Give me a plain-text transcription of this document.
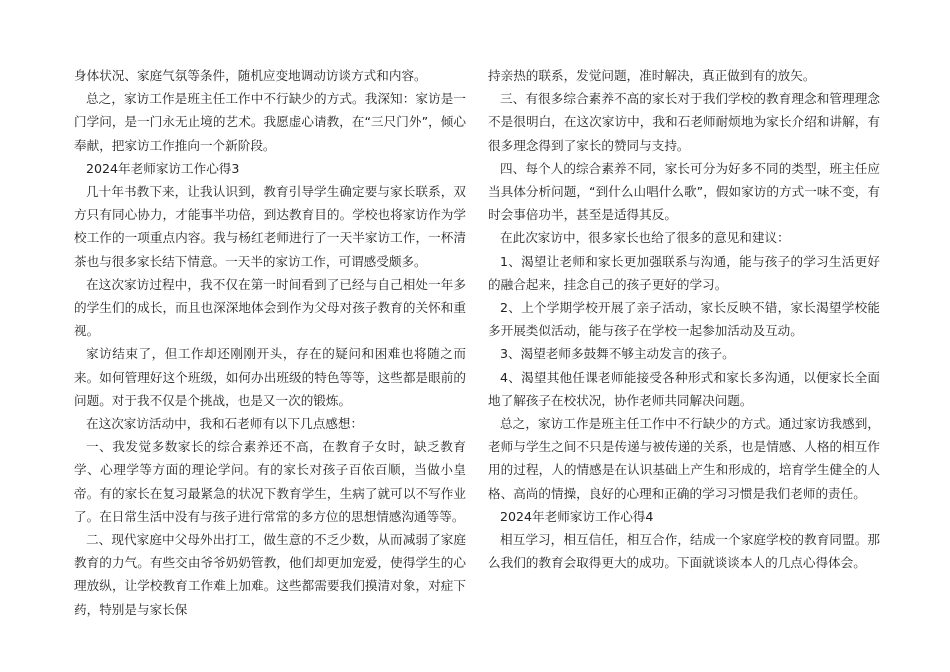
身体状况、家庭气氛等条件，随机应变地调动访谈方式和内容。

总之，家访工作是班主任工作中不行缺少的方式。我深知：家访是一门学问，是一门永无止境的艺术。我愿虚心请教，在“三尺门外”，倾心奉献，把家访工作推向一个新阶段。

2024年老师家访工作心得3

几十年书教下来，让我认识到，教育引导学生确定要与家长联系，双方只有同心协力，才能事半功倍，到达教育目的。学校也将家访作为学校工作的一项重点内容。我与杨红老师进行了一天半家访工作，一杯清茶也与很多家长结下情意。一天半的家访工作，可谓感受颇多。

在这次家访过程中，我不仅在第一时间看到了已经与自己相处一年多的学生们的成长，而且也深深地体会到作为父母对孩子教育的关怀和重视。

家访结束了，但工作却还刚刚开头，存在的疑问和困难也将随之而来。如何管理好这个班级，如何办出班级的特色等等，这些都是眼前的问题。对于我不仅是个挑战，也是又一次的锻炼。

在这次家访活动中，我和石老师有以下几点感想：

一、我发觉多数家长的综合素养还不高，在教育子女时，缺乏教育学、心理学等方面的理论学问。有的家长对孩子百依百顺，当做小皇帝。有的家长在复习最紧急的状况下教育学生，生病了就可以不写作业了。在日常生活中没有与孩子进行常常的多方位的思想情感沟通等等。

二、现代家庭中父母外出打工，做生意的不乏少数，从而减弱了家庭教育的力气。有些交由爷爷奶奶管教，他们却更加宠爱，使得学生的心理放纵，让学校教育工作难上加难。这些都需要我们摸清对象，对症下药，特别是与家长保

持亲热的联系，发觉问题，准时解决，真正做到有的放矢。

三、有很多综合素养不高的家长对于我们学校的教育理念和管理理念不是很明白，在这次家访中，我和石老师耐烦地为家长介绍和讲解，有很多理念得到了家长的赞同与支持。

四、每个人的综合素养不同，家长可分为好多不同的类型，班主任应当具体分析问题，“到什么山唱什么歌”，假如家访的方式一味不变，有时会事倍功半，甚至是适得其反。

在此次家访中，很多家长也给了很多的意见和建议：

1、渴望让老师和家长更加强联系与沟通，能与孩子的学习生活更好的融合起来，挂念自己的孩子更好的学习。

2、上个学期学校开展了亲子活动，家长反映不错，家长渴望学校能多开展类似活动，能与孩子在学校一起参加活动及互动。

3、渴望老师多鼓舞不够主动发言的孩子。

4、渴望其他任课老师能接受各种形式和家长多沟通，以便家长全面地了解孩子在校状况，协作老师共同解决问题。

总之，家访工作是班主任工作中不行缺少的方式。通过家访我感到，老师与学生之间不只是传递与被传递的关系，也是情感、人格的相互作用的过程，人的情感是在认识基础上产生和形成的，培育学生健全的人格、高尚的情操，良好的心理和正确的学习习惯是我们老师的责任。

2024年老师家访工作心得4

相互学习，相互信任，相互合作，结成一个家庭学校的教育同盟。那么我们的教育会取得更大的成功。下面就谈谈本人的几点心得体会。
